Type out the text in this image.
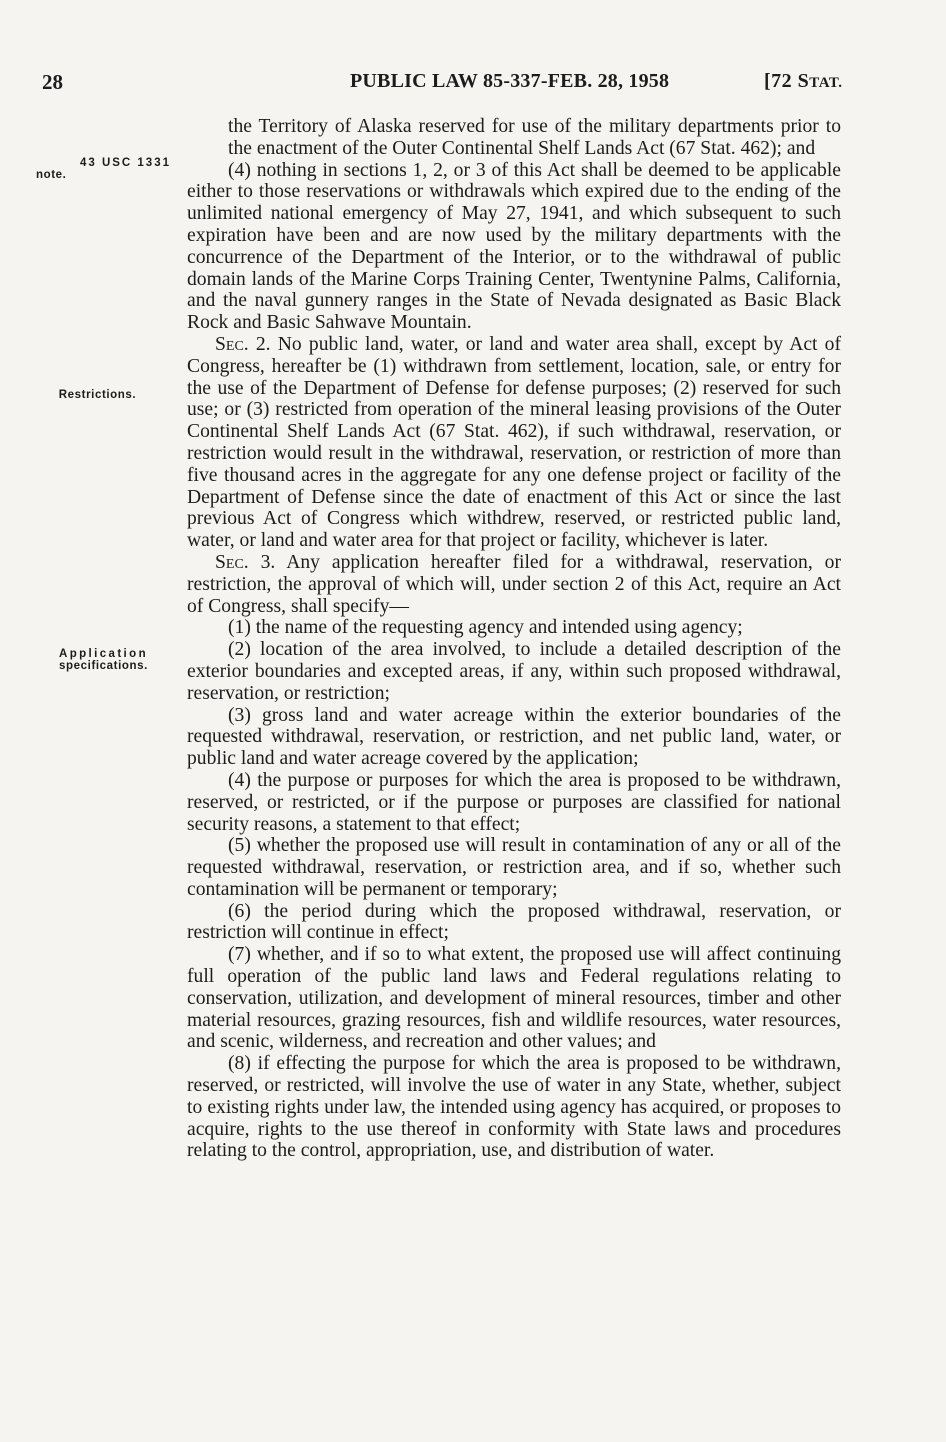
28	PUBLIC LAW 85-337-FEB. 28, 1958	[72 STAT.
43 USC 1331
note.
Restrictions.
Application
specifications.

the Territory of Alaska reserved for use of the military departments prior to the enactment of the Outer Continental Shelf Lands Act (67 Stat. 462); and

(4) nothing in sections 1, 2, or 3 of this Act shall be deemed to be applicable either to those reservations or withdrawals which expired due to the ending of the unlimited national emergency of May 27, 1941, and which subsequent to such expiration have been and are now used by the military departments with the concurrence of the Department of the Interior, or to the withdrawal of public domain lands of the Marine Corps Training Center, Twentynine Palms, California, and the naval gunnery ranges in the State of Nevada designated as Basic Black Rock and Basic Sahwave Mountain.

Sec. 2. No public land, water, or land and water area shall, except by Act of Congress, hereafter be (1) withdrawn from settlement, location, sale, or entry for the use of the Department of Defense for defense purposes; (2) reserved for such use; or (3) restricted from operation of the mineral leasing provisions of the Outer Continental Shelf Lands Act (67 Stat. 462), if such withdrawal, reservation, or restriction would result in the withdrawal, reservation, or restriction of more than five thousand acres in the aggregate for any one defense project or facility of the Department of Defense since the date of enactment of this Act or since the last previous Act of Congress which withdrew, reserved, or restricted public land, water, or land and water area for that project or facility, whichever is later.

Sec. 3. Any application hereafter filed for a withdrawal, reservation, or restriction, the approval of which will, under section 2 of this Act, require an Act of Congress, shall specify—

(1) the name of the requesting agency and intended using agency;

(2) location of the area involved, to include a detailed description of the exterior boundaries and excepted areas, if any, within such proposed withdrawal, reservation, or restriction;

(3) gross land and water acreage within the exterior boundaries of the requested withdrawal, reservation, or restriction, and net public land, water, or public land and water acreage covered by the application;

(4) the purpose or purposes for which the area is proposed to be withdrawn, reserved, or restricted, or if the purpose or purposes are classified for national security reasons, a statement to that effect;

(5) whether the proposed use will result in contamination of any or all of the requested withdrawal, reservation, or restriction area, and if so, whether such contamination will be permanent or temporary;

(6) the period during which the proposed withdrawal, reservation, or restriction will continue in effect;

(7) whether, and if so to what extent, the proposed use will affect continuing full operation of the public land laws and Federal regulations relating to conservation, utilization, and development of mineral resources, timber and other material resources, grazing resources, fish and wildlife resources, water resources, and scenic, wilderness, and recreation and other values; and

(8) if effecting the purpose for which the area is proposed to be withdrawn, reserved, or restricted, will involve the use of water in any State, whether, subject to existing rights under law, the intended using agency has acquired, or proposes to acquire, rights to the use thereof in conformity with State laws and procedures relating to the control, appropriation, use, and distribution of water.
